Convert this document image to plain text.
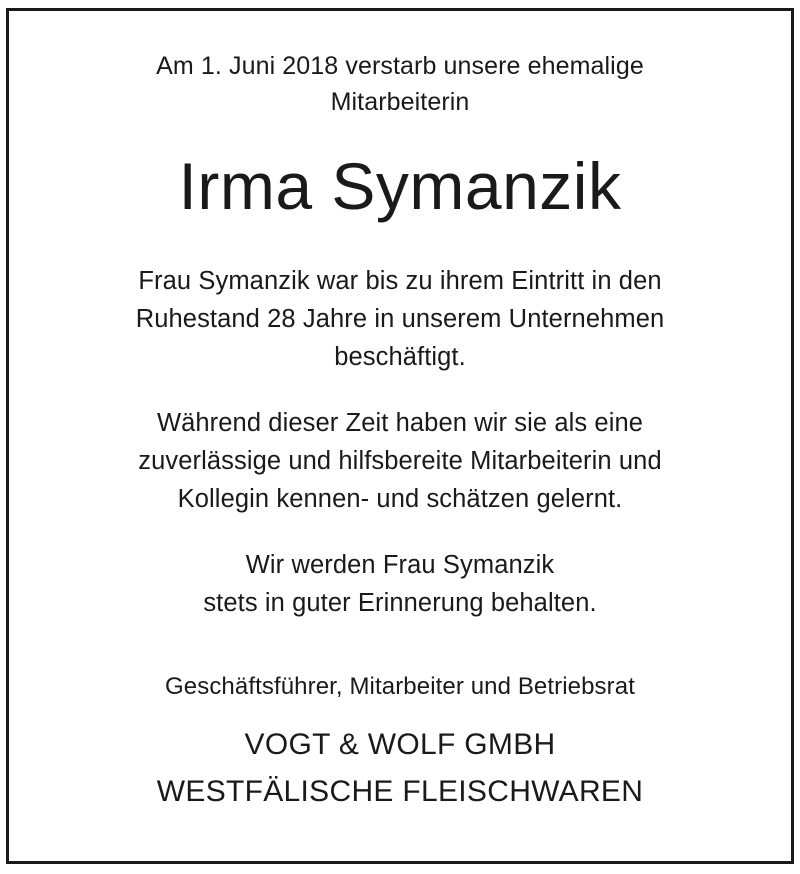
Am 1. Juni 2018 verstarb unsere ehemalige
Mitarbeiterin
Irma Symanzik
Frau Symanzik war bis zu ihrem Eintritt in den
Ruhestand 28 Jahre in unserem Unternehmen
beschäftigt.
Während dieser Zeit haben wir sie als eine
zuverlässige und hilfsbereite Mitarbeiterin und
Kollegin kennen- und schätzen gelernt.
Wir werden Frau Symanzik
stets in guter Erinnerung behalten.
Geschäftsführer, Mitarbeiter und Betriebsrat
VOGT & WOLF GMBH
WESTFÄLISCHE FLEISCHWAREN
